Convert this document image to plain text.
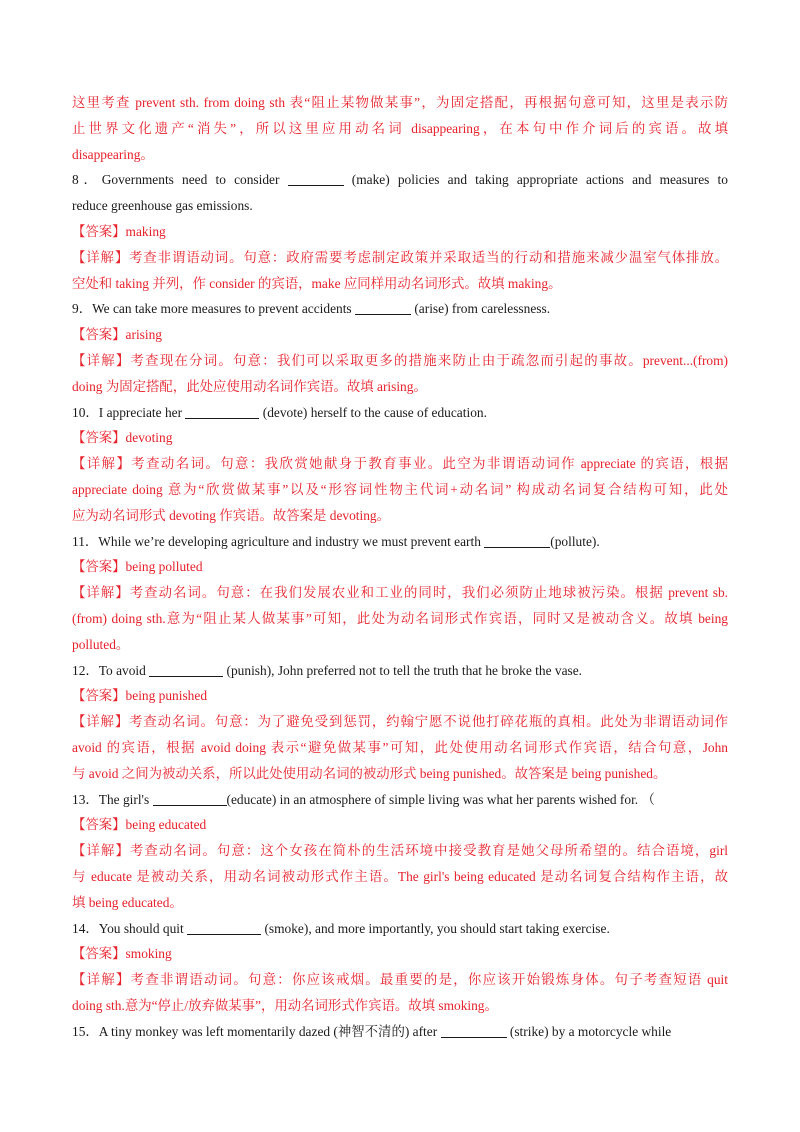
这里考查 prevent sth. from doing sth 表“阻止某物做某事”，为固定搭配，再根据句意可知，这里是表示防
止世界文化遗产“消失”，所以这里应用动名词 disappearing，在本句中作介词后的宾语。故填
disappearing。
8．Governments need to consider	(make) policies and taking appropriate actions and measures to
reduce greenhouse gas emissions.
【答案】making
【详解】考查非谓语动词。句意：政府需要考虑制定政策并采取适当的行动和措施来减少温室气体排放。
空处和 taking 并列，作 consider 的宾语，make 应同样用动名词形式。故填 making。
9．We can take more measures to prevent accidents	(arise) from carelessness.
【答案】arising
【详解】考查现在分词。句意：我们可以采取更多的措施来防止由于疏忽而引起的事故。prevent...(from)
doing 为固定搭配，此处应使用动名词作宾语。故填 arising。
10．I appreciate her	(devote) herself to the cause of education.
【答案】devoting
【详解】考查动名词。句意：我欣赏她献身于教育事业。此空为非谓语动词作 appreciate 的宾语，根据
appreciate doing 意为“欣赏做某事”以及“形容词性物主代词+动名词” 构成动名词复合结构可知，此处
应为动名词形式 devoting 作宾语。故答案是 devoting。
11．While we’re developing agriculture and industry we must prevent earth	(pollute).
【答案】being polluted
【详解】考查动名词。句意：在我们发展农业和工业的同时，我们必须防止地球被污染。根据 prevent sb.
(from) doing sth.意为“阻止某人做某事”可知，此处为动名词形式作宾语，同时又是被动含义。故填 being
polluted。
12．To avoid	(punish), John preferred not to tell the truth that he broke the vase.
【答案】being punished
【详解】考查动名词。句意：为了避免受到惩罚，约翰宁愿不说他打碎花瓶的真相。此处为非谓语动词作
avoid 的宾语，根据 avoid doing 表示“避免做某事”可知，此处使用动名词形式作宾语，结合句意，John
与 avoid 之间为被动关系，所以此处使用动名词的被动形式 being punished。故答案是 being punished。
13．The girl's	(educate) in an atmosphere of simple living was what her parents wished for. （
【答案】being educated
【详解】考查动名词。句意：这个女孩在简朴的生活环境中接受教育是她父母所希望的。结合语境，girl
与 educate 是被动关系，用动名词被动形式作主语。The girl's being educated 是动名词复合结构作主语，故
填 being educated。
14．You should quit	(smoke), and more importantly, you should start taking exercise.
【答案】smoking
【详解】考查非谓语动词。句意：你应该戒烟。最重要的是，你应该开始锻炼身体。句子考查短语 quit
doing sth.意为“停止/放弃做某事”，用动名词形式作宾语。故填 smoking。
15．A tiny monkey was left momentarily dazed (神智不清的) after	(strike) by a motorcycle while
